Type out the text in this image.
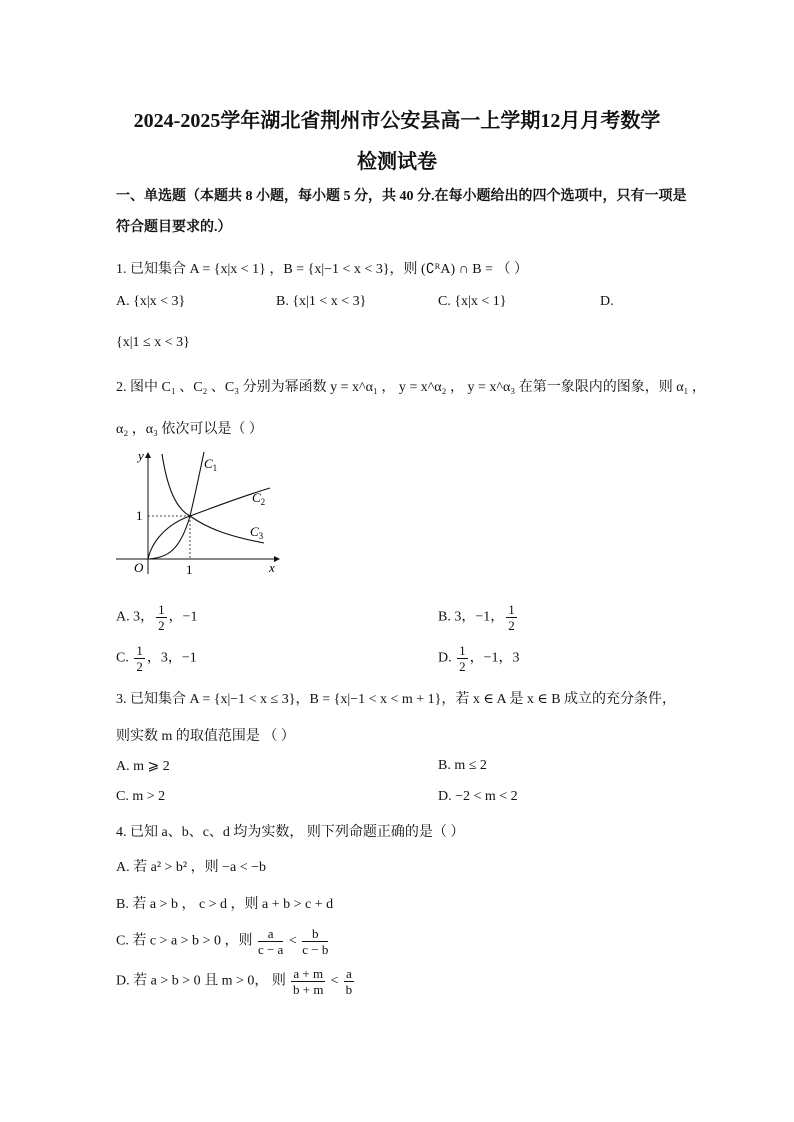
2024-2025学年湖北省荆州市公安县高一上学期12月月考数学
检测试卷
一、单选题（本题共 8 小题，每小题 5 分，共 40 分.在每小题给出的四个选项中，只有一项是
符合题目要求的.）
1. 已知集合 A = {x|x < 1} ，B = {x|−1 < x < 3}，则 (∁ᴿA) ∩ B = （ ）
A. {x|x < 3}	B. {x|1 < x < 3}	C. {x|x < 1}	D.
{x|1 ≤ x < 3}
2. 图中 C₁ 、C₂ 、C₃ 分别为幂函数 y = x^α₁ ， y = x^α₂ ， y = x^α₃ 在第一象限内的图象，则 α₁ ，
α₂ ，α₃ 依次可以是（ ）
y
x
O	1
1
$C_1$
$C_2$
$C_3$
A. 3， $\frac{1}{2}$ ，−1	B. 3，−1， $\frac{1}{2}$
C. $\frac{1}{2}$ ，3，−1	D. $\frac{1}{2}$ ，−1，3
3. 已知集合 A = {x|−1 < x ≤ 3}，B = {x|−1 < x < m + 1}，若 x ∈ A 是 x ∈ B 成立的充分条件，
则实数 m 的取值范围是 （ ）
A. m ⩾ 2	B. m ≤ 2
C. m > 2	D. −2 < m < 2
4. 已知 a、b、c、d 均为实数， 则下列命题正确的是（ ）
A. 若 a² > b² ，则 −a < −b
B. 若 a > b ， c > d ，则 a + b > c + d
C. 若 c > a > b > 0 ，则 $\frac{a}{c - a} < \frac{b}{c - b}$
D. 若 a > b > 0 且 m > 0， 则 $\frac{a + m}{b + m} < \frac{a}{b}$
